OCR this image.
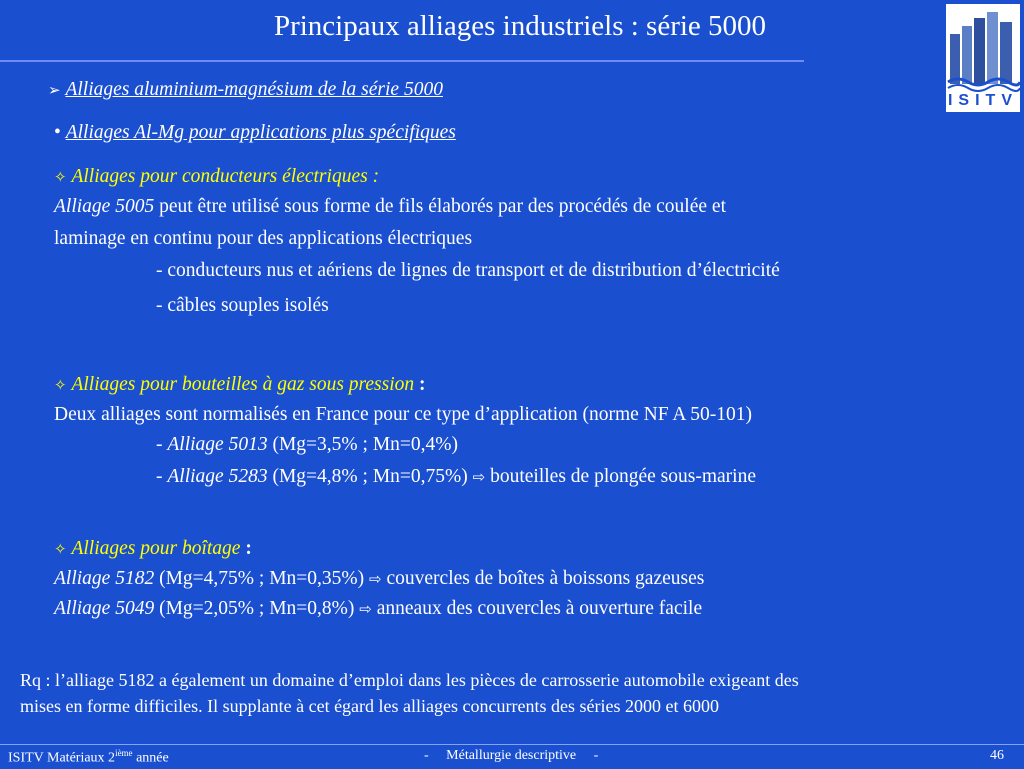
Principaux alliages industriels : série 5000
ISITV
➢ Alliages aluminium-magnésium de la série 5000
• Alliages Al-Mg pour applications plus spécifiques
✧ Alliages pour conducteurs électriques :
Alliage 5005 peut être utilisé sous forme de fils élaborés par des procédés de coulée et
laminage en continu pour des applications électriques
- conducteurs nus et aériens de lignes de transport et de distribution d’électricité
- câbles souples isolés
✧ Alliages pour bouteilles à gaz sous pression :
Deux alliages sont normalisés en France pour ce type d’application (norme NF A 50-101)
- Alliage 5013 (Mg=3,5% ; Mn=0,4%)
- Alliage 5283 (Mg=4,8% ; Mn=0,75%) ⇨ bouteilles de plongée sous-marine
✧ Alliages pour boîtage :
Alliage 5182 (Mg=4,75% ; Mn=0,35%) ⇨ couvercles de boîtes à boissons gazeuses
Alliage 5049 (Mg=2,05% ; Mn=0,8%) ⇨ anneaux des couvercles à ouverture facile
Rq : l’alliage 5182 a également un domaine d’emploi dans les pièces de carrosserie automobile exigeant des
mises en forme difficiles. Il supplante à cet égard les alliages concurrents des séries 2000 et 6000
ISITV Matériaux 2ième année	-     Métallurgie descriptive     -	46
